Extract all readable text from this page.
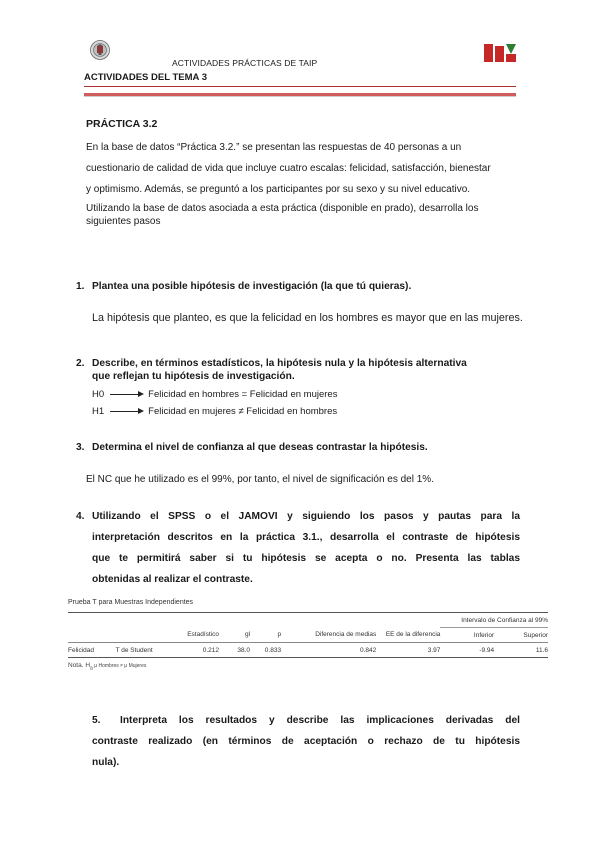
ACTIVIDADES PRÁCTICAS DE TAIP
ACTIVIDADES DEL TEMA 3
PRÁCTICA 3.2
En la base de datos “Práctica 3.2.” se presentan las respuestas de 40 personas a un
cuestionario de calidad de vida que incluye cuatro escalas: felicidad, satisfacción, bienestar
y optimismo. Además, se preguntó a los participantes por su sexo y su nivel educativo.
Utilizando la base de datos asociada a esta práctica (disponible en prado), desarrolla los
siguientes pasos
1. Plantea una posible hipótesis de investigación (la que tú quieras).
La hipótesis que planteo, es que la felicidad en los hombres es mayor que en las mujeres.
2. Describe, en términos estadísticos, la hipótesis nula y la hipótesis alternativa
que reflejan tu hipótesis de investigación.
H0	Felicidad en hombres = Felicidad en mujeres
H1	Felicidad en mujeres ≠ Felicidad en hombres
3. Determina el nivel de confianza al que deseas contrastar la hipótesis.
El NC que he utilizado es el 99%, por tanto, el nivel de significación es del 1%.
4. Utilizando el SPSS o el JAMOVI y siguiendo los pasos y pautas para la
interpretación descritos en la práctica 3.1., desarrolla el contraste de hipótesis
que te permitirá saber si tu hipótesis se acepta o no. Presenta las tablas
obtenidas al realizar el contraste.
Prueba T para Muestras Independientes
							Intervalo de Confianza al 99%	
		Estadístico	gl	p	Diferencia de medias	EE de la diferencia	Inferior	Superior
Felicidad	T de Student	0.212	38.0	0.833	0.842	3.97	-9.94	11.6
Nota. $H_a$ μ Hombres ≠ μ Mujeres
5. Interpreta los resultados y describe las implicaciones derivadas del
contraste realizado (en términos de aceptación o rechazo de tu hipótesis
nula).
